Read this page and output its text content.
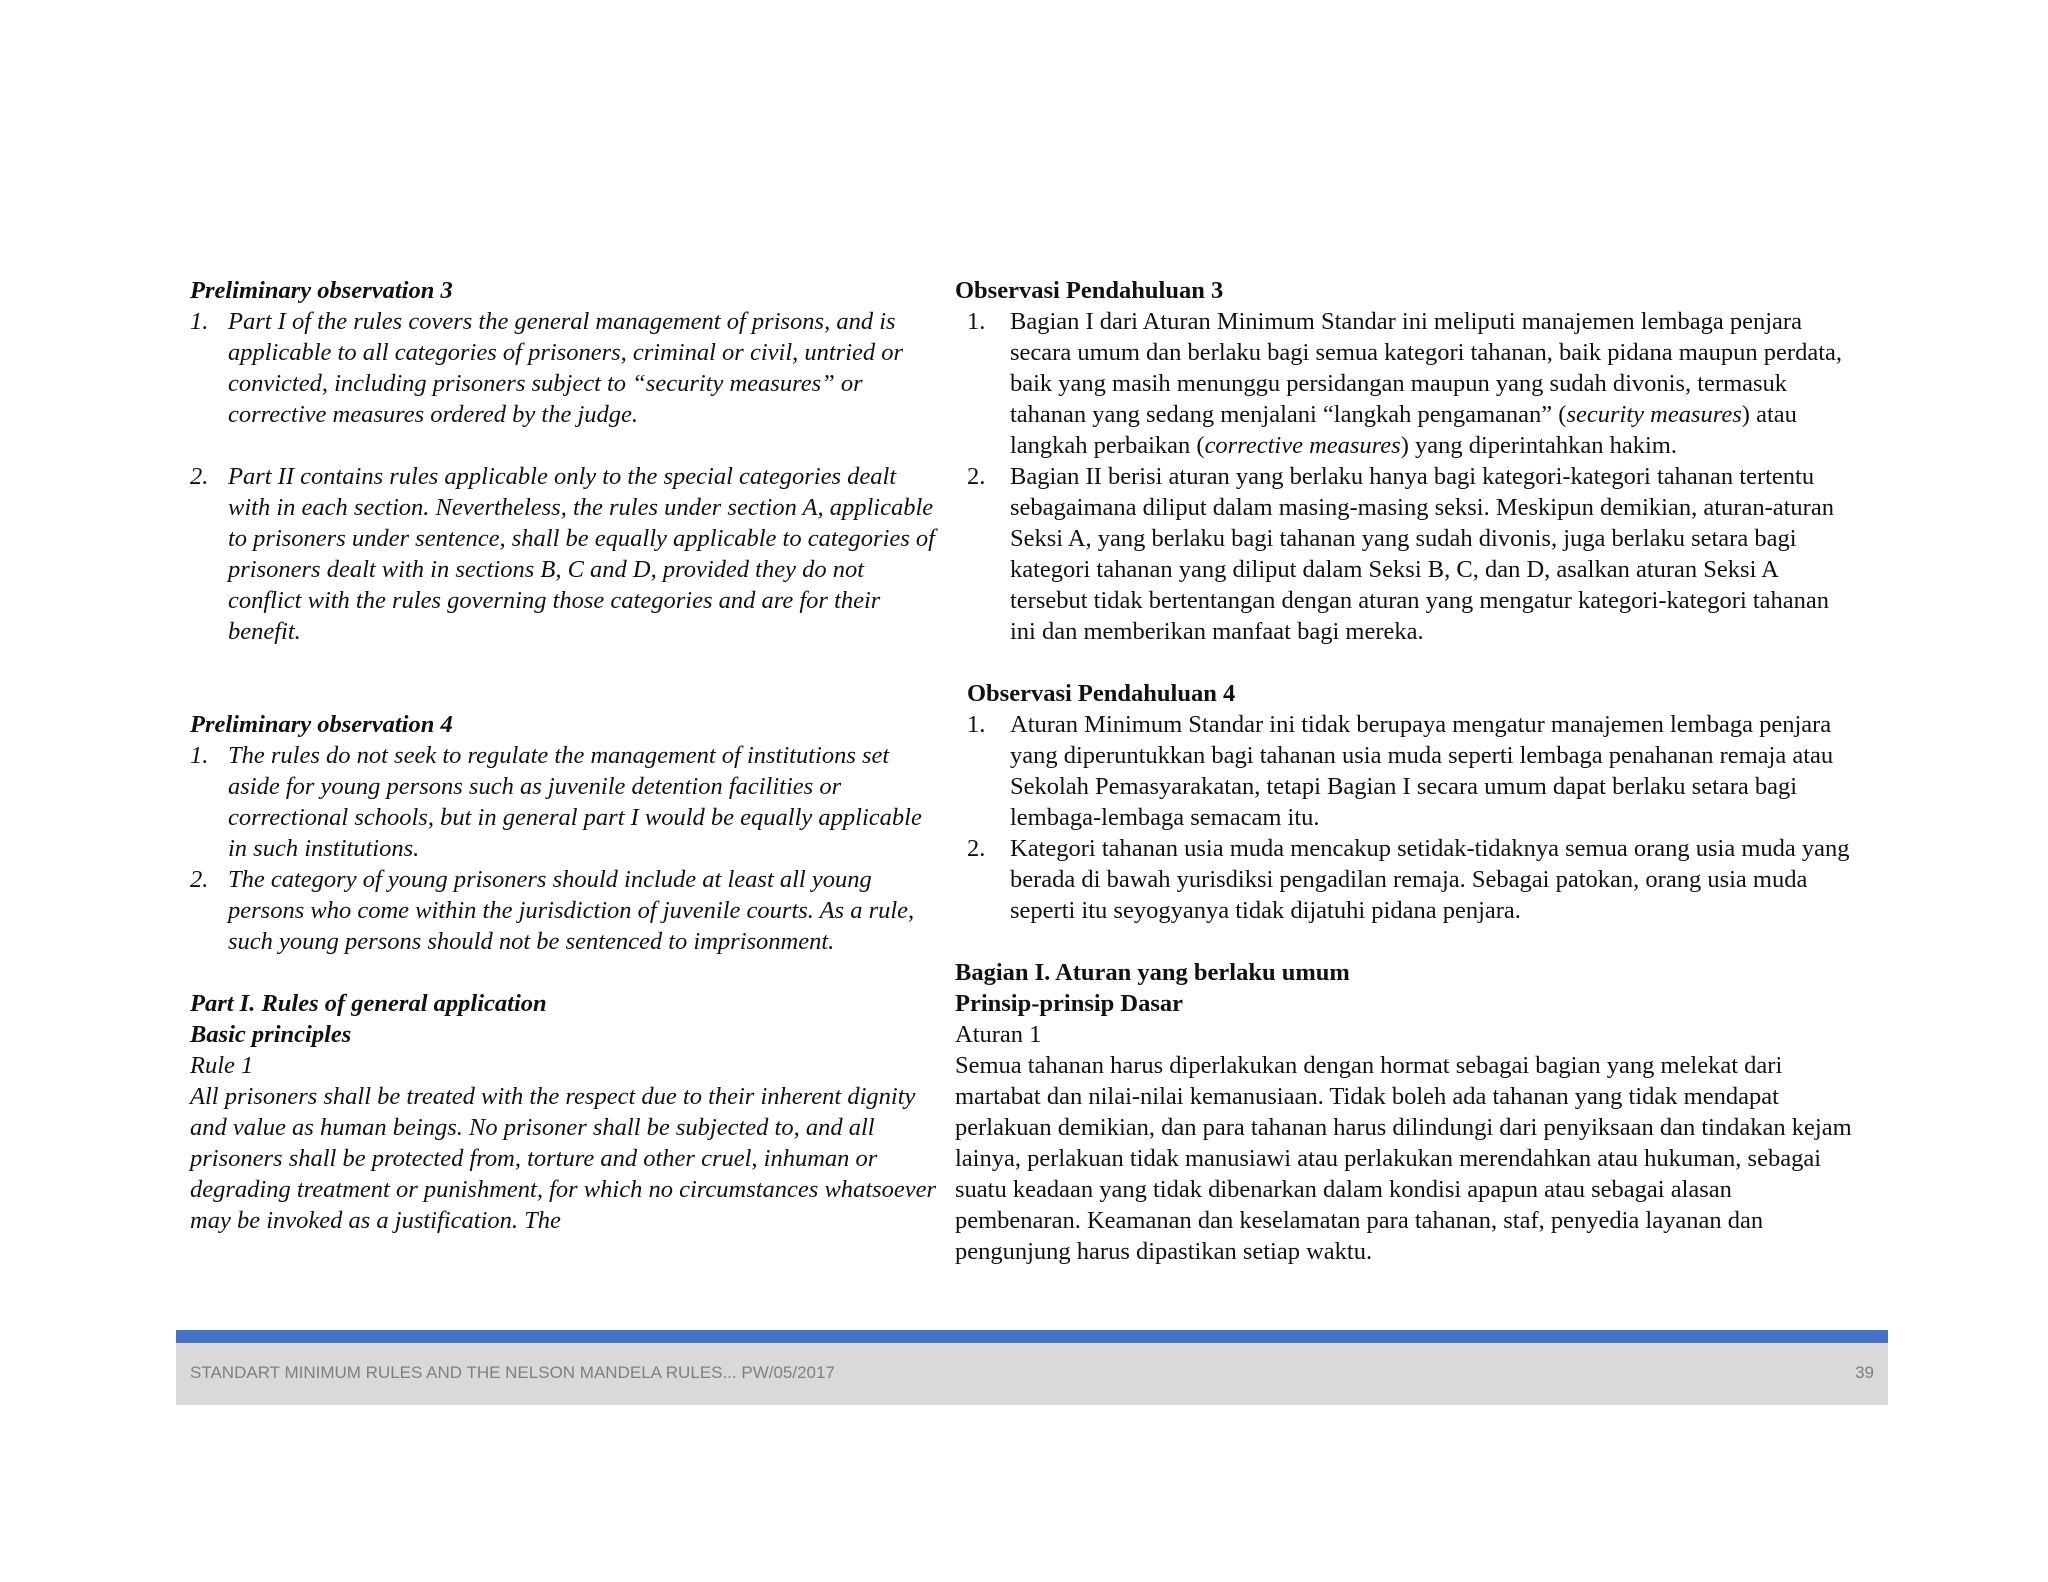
Preliminary observation 3

1. Part I of the rules covers the general management of prisons, and is applicable to all categories of prisoners, criminal or civil, untried or convicted, including prisoners subject to “security measures” or corrective measures ordered by the judge.
2. Part II contains rules applicable only to the special categories dealt with in each section. Nevertheless, the rules under section A, applicable to prisoners under sentence, shall be equally applicable to categories of prisoners dealt with in sections B, C and D, provided they do not conflict with the rules governing those categories and are for their benefit.

Preliminary observation 4

1. The rules do not seek to regulate the management of institutions set aside for young persons such as juvenile detention facilities or correctional schools, but in general part I would be equally applicable in such institutions.
2. The category of young prisoners should include at least all young persons who come within the jurisdiction of juvenile courts. As a rule, such young persons should not be sentenced to imprisonment.

Part I. Rules of general application

Basic principles

Rule 1

All prisoners shall be treated with the respect due to their inherent dignity and value as human beings. No prisoner shall be subjected to, and all prisoners shall be protected from, torture and other cruel, inhuman or degrading treatment or punishment, for which no circumstances whatsoever may be invoked as a justification. The

Observasi Pendahuluan 3

1. Bagian I dari Aturan Minimum Standar ini meliputi manajemen lembaga penjara secara umum dan berlaku bagi semua kategori tahanan, baik pidana maupun perdata, baik yang masih menunggu persidangan maupun yang sudah divonis, termasuk tahanan yang sedang menjalani “langkah pengamanan” (security measures) atau langkah perbaikan (corrective measures) yang diperintahkan hakim.
2. Bagian II berisi aturan yang berlaku hanya bagi kategori-kategori tahanan tertentu sebagaimana diliput dalam masing-masing seksi. Meskipun demikian, aturan-aturan Seksi A, yang berlaku bagi tahanan yang sudah divonis, juga berlaku setara bagi kategori tahanan yang diliput dalam Seksi B, C, dan D, asalkan aturan Seksi A tersebut tidak bertentangan dengan aturan yang mengatur kategori-kategori tahanan ini dan memberikan manfaat bagi mereka.

Observasi Pendahuluan 4

1. Aturan Minimum Standar ini tidak berupaya mengatur manajemen lembaga penjara yang diperuntukkan bagi tahanan usia muda seperti lembaga penahanan remaja atau Sekolah Pemasyarakatan, tetapi Bagian I secara umum dapat berlaku setara bagi lembaga-lembaga semacam itu.
2. Kategori tahanan usia muda mencakup setidak-tidaknya semua orang usia muda yang berada di bawah yurisdiksi pengadilan remaja. Sebagai patokan, orang usia muda seperti itu seyogyanya tidak dijatuhi pidana penjara.

Bagian I. Aturan yang berlaku umum

Prinsip-prinsip Dasar

Aturan 1

Semua tahanan harus diperlakukan dengan hormat sebagai bagian yang melekat dari martabat dan nilai-nilai kemanusiaan. Tidak boleh ada tahanan yang tidak mendapat perlakuan demikian, dan para tahanan harus dilindungi dari penyiksaan dan tindakan kejam lainya, perlakuan tidak manusiawi atau perlakukan merendahkan atau hukuman, sebagai suatu keadaan yang tidak dibenarkan dalam kondisi apapun atau sebagai alasan pembenaran. Keamanan dan keselamatan para tahanan, staf, penyedia layanan dan pengunjung harus dipastikan setiap waktu.

STANDART MINIMUM RULES AND THE NELSON MANDELA RULES... PW/05/2017	39
